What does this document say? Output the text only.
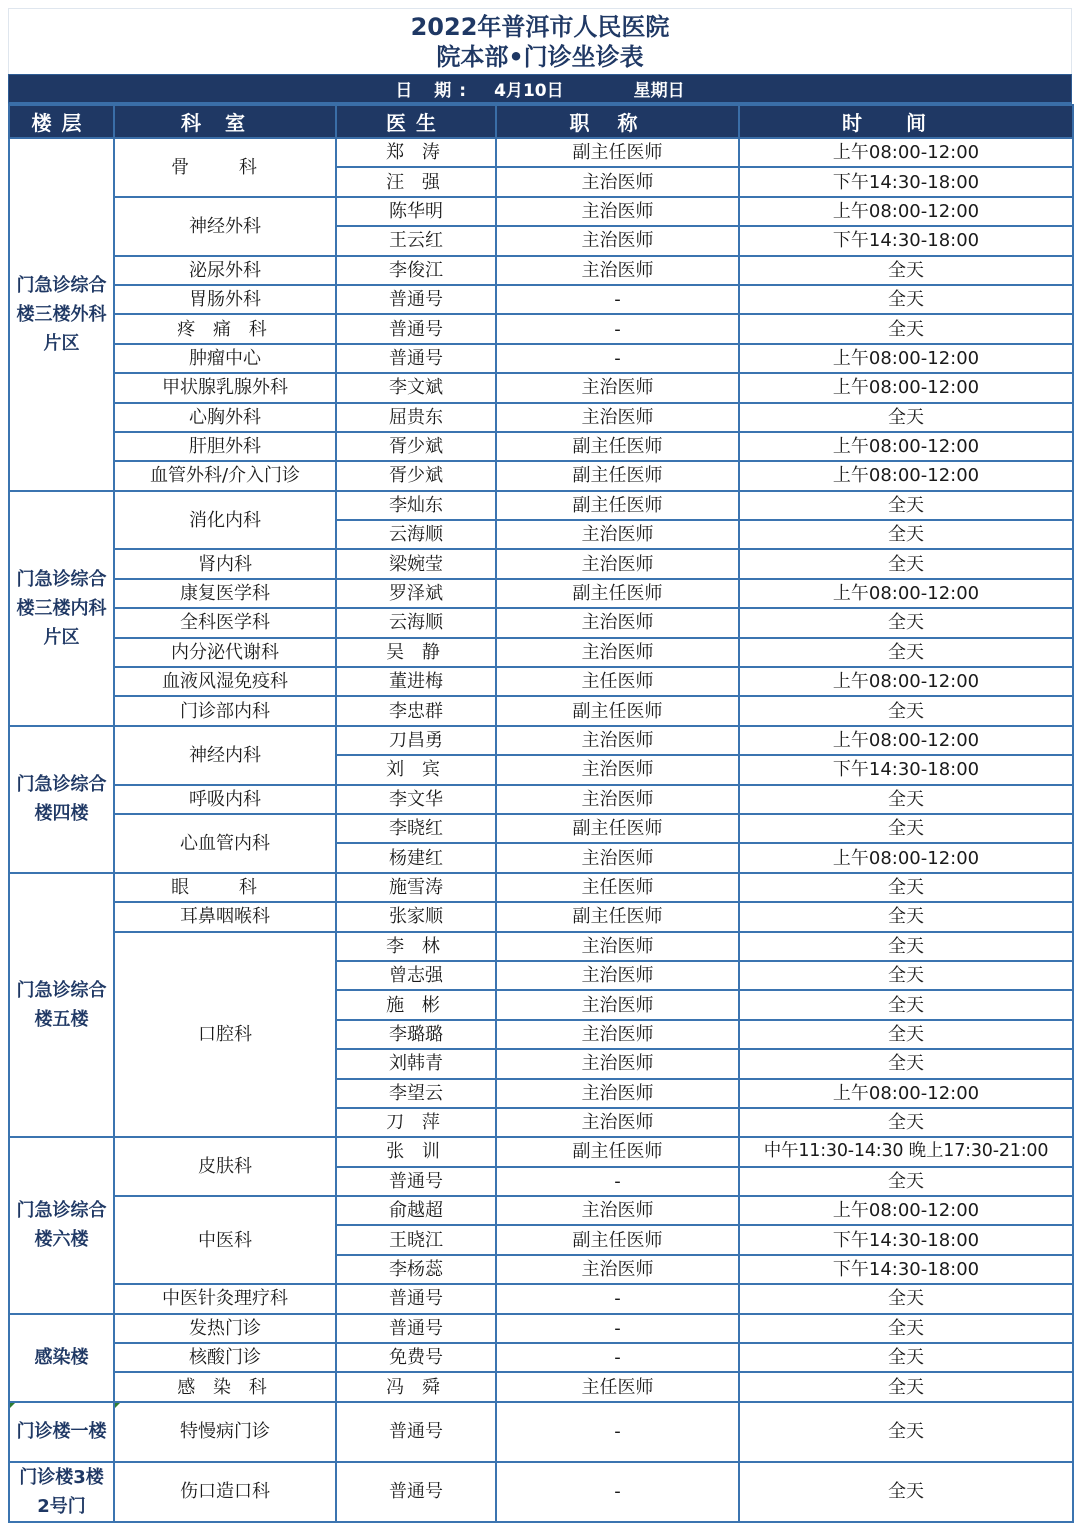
2022年普洱市人民医院
院本部•门诊坐诊表
日 期: 4月10日	星期日
楼层	科室	医生	职称	时间
门急诊综合楼三楼外科片区	骨 科	郑 涛	副主任医师	上午08:00-12:00
		汪 强	主治医师	下午14:30-18:00
	神经外科	陈华明	主治医师	上午08:00-12:00
		王云红	主治医师	下午14:30-18:00
	泌尿外科	李俊江	主治医师	全天
	胃肠外科	普通号	-	全天
	疼 痛 科	普通号	-	全天
	肿瘤中心	普通号	-	上午08:00-12:00
	甲状腺乳腺外科	李文斌	主治医师	上午08:00-12:00
	心胸外科	屈贵东	主治医师	全天
	肝胆外科	胥少斌	副主任医师	上午08:00-12:00
	血管外科/介入门诊	胥少斌	副主任医师	上午08:00-12:00
门急诊综合楼三楼内科片区	消化内科	李灿东	副主任医师	全天
		云海顺	主治医师	全天
	肾内科	梁婉莹	主治医师	全天
	康复医学科	罗泽斌	副主任医师	上午08:00-12:00
	全科医学科	云海顺	主治医师	全天
	内分泌代谢科	吴 静	主治医师	全天
	血液风湿免疫科	董进梅	主任医师	上午08:00-12:00
	门诊部内科	李忠群	副主任医师	全天
门急诊综合楼四楼	神经内科	刀昌勇	主治医师	上午08:00-12:00
		刘 宾	主治医师	下午14:30-18:00
	呼吸内科	李文华	主治医师	全天
	心血管内科	李晓红	副主任医师	全天
		杨建红	主治医师	上午08:00-12:00
门急诊综合楼五楼	眼 科	施雪涛	主任医师	全天
	耳鼻咽喉科	张家顺	副主任医师	全天
	口腔科	李 林	主治医师	全天
		曾志强	主治医师	全天
		施 彬	主治医师	全天
		李璐璐	主治医师	全天
		刘韩青	主治医师	全天
		李望云	主治医师	上午08:00-12:00
		刀 萍	主治医师	全天
门急诊综合楼六楼	皮肤科	张 训	副主任医师	中午11:30-14:30 晚上17:30-21:00
		普通号	-	全天
	中医科	俞越超	主治医师	上午08:00-12:00
		王晓江	副主任医师	下午14:30-18:00
		李杨蕊	主治医师	下午14:30-18:00
	中医针灸理疗科	普通号	-	全天
感染楼	发热门诊	普通号	-	全天
	核酸门诊	免费号	-	全天
	感 染 科	冯 舜	主任医师	全天
门诊楼一楼	特慢病门诊	普通号	-	全天
门诊楼3楼2号门	伤口造口科	普通号	-	全天
